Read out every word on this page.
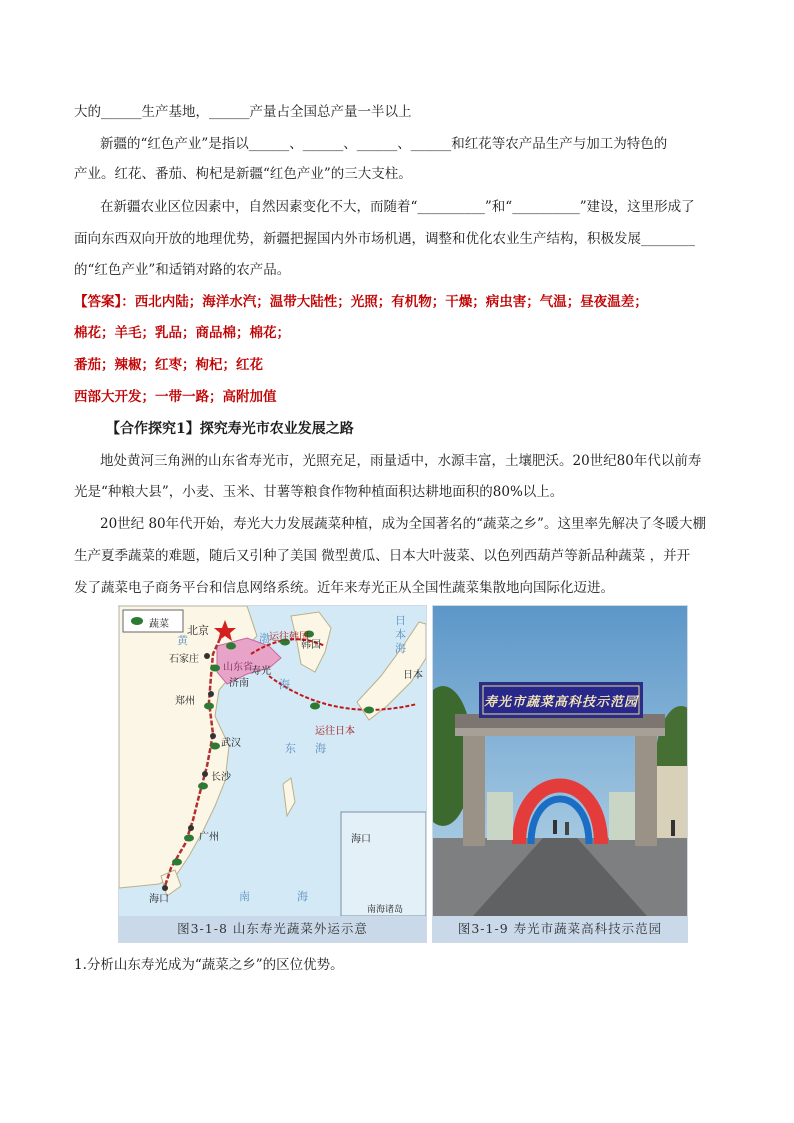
大的______生产基地，______产量占全国总产量一半以上
新疆的“红色产业”是指以______、______、______、______和红花等农产品生产与加工为特色的
产业。红花、番茄、枸杞是新疆“红色产业”的三大支柱。
在新疆农业区位因素中，自然因素变化不大，而随着“__________”和“__________”建设，这里形成了
面向东西双向开放的地理优势，新疆把握国内外市场机遇，调整和优化农业生产结构，积极发展________
的“红色产业”和适销对路的农产品。
【答案】：西北内陆；海洋水汽；温带大陆性；光照；有机物；干燥；病虫害；气温；昼夜温差；
棉花；羊毛；乳品；商品棉；棉花；
番茄；辣椒；红枣；枸杞；红花
西部大开发；一带一路；高附加值
【合作探究1】探究寿光市农业发展之路
地处黄河三角洲的山东省寿光市，光照充足，雨量适中，水源丰富，土壤肥沃。20世纪80年代以前寿
光是“种粮大县”，小麦、玉米、甘薯等粮食作物种植面积达耕地面积的80%以上。
20世纪 80年代开始，寿光大力发展蔬菜种植，成为全国著名的“蔬菜之乡”。这里率先解决了冬暖大棚
生产夏季蔬菜的难题，随后又引种了美国 微型黄瓜、日本大叶菠菜、以色列西葫芦等新品种蔬菜 ，并开
发了蔬菜电子商务平台和信息网络系统。近年来寿光正从全国性蔬菜集散地向国际化迈进。
蔬菜 北京
石家庄
寿光
济南
郑州
武汉
长沙
广州
海口
黄	渤
海
东 海
南	海
日
本
海
韩国
山东省
日本
运往韩国
运往日本
海口
南海诸岛
图3-1-8 山东寿光蔬菜外运示意
寿光市蔬菜高科技示范园
图3-1-9 寿光市蔬菜高科技示范园
1.分析山东寿光成为“蔬菜之乡”的区位优势。
